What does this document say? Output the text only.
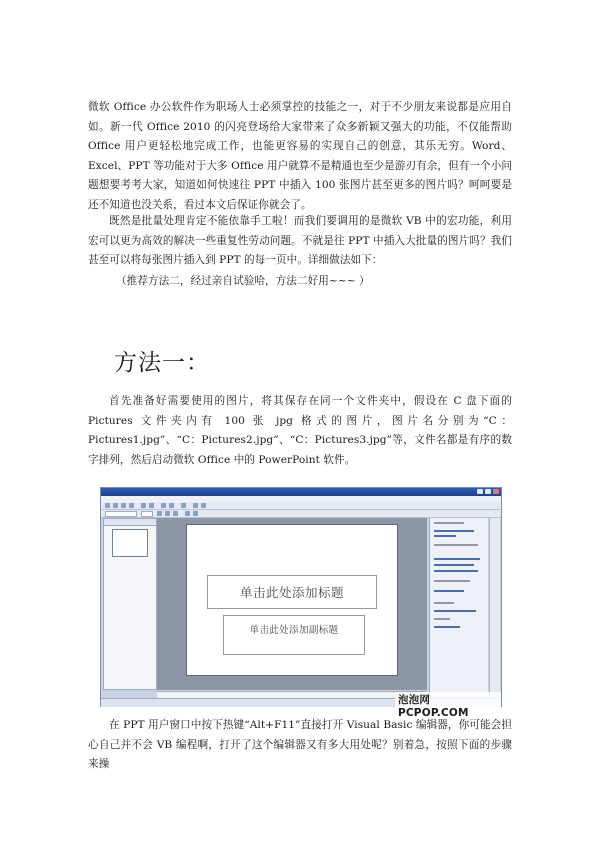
微软 Office 办公软件作为职场人士必须掌控的技能之一，对于不少朋友来说都是应用自如。新一代 Office 2010 的闪亮登场给大家带来了众多新颖又强大的功能，不仅能帮助 Office 用户更轻松地完成工作，也能更容易的实现自己的创意，其乐无穷。Word、Excel、PPT 等功能对于大多 Office 用户就算不是精通也至少是游刃有余，但有一个小问题想要考考大家，知道如何快速往 PPT 中插入 100 张图片甚至更多的图片吗？呵呵要是还不知道也没关系，看过本文后保证你就会了。

既然是批量处理肯定不能依靠手工啦！而我们要调用的是微软 VB 中的宏功能，利用宏可以更为高效的解决一些重复性劳动问题。不就是往 PPT 中插入大批量的图片吗？我们甚至可以将每张图片插入到 PPT 的每一页中。详细做法如下：

（推荐方法二，经过亲自试验哈，方法二好用~~~ ）

方法一：

首先准备好需要使用的图片，将其保存在同一个文件夹中，假设在 C 盘下面的 Pictures 文件夹内有 100 张 jpg 格式的图片，图片名分别为“C：Pictures1.jpg”、“C：Pictures2.jpg”、“C：Pictures3.jpg”等，文件名都是有序的数字排列，然后启动微软 Office 中的 PowerPoint 软件。

单击此处添加标题
单击此处添加副标题
泡泡网 PCPOP.COM

在 PPT 用户窗口中按下热键“Alt+F11”直接打开 Visual Basic 编辑器，你可能会担心自己并不会 VB 编程啊，打开了这个编辑器又有多大用处呢？别着急，按照下面的步骤来操
